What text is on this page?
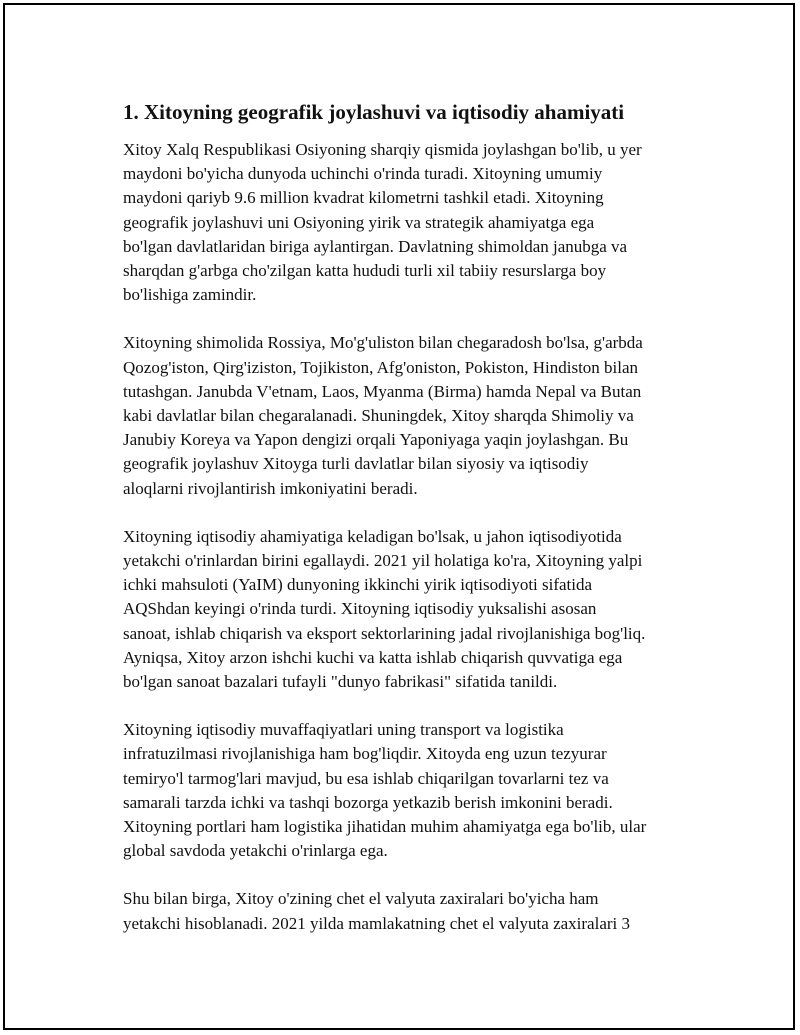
1. Xitoyning geografik joylashuvi va iqtisodiy ahamiyati

Xitoy Xalq Respublikasi Osiyoning sharqiy qismida joylashgan bo'lib, u yer
maydoni bo'yicha dunyoda uchinchi o'rinda turadi. Xitoyning umumiy
maydoni qariyb 9.6 million kvadrat kilometrni tashkil etadi. Xitoyning
geografik joylashuvi uni Osiyoning yirik va strategik ahamiyatga ega
bo'lgan davlatlaridan biriga aylantirgan. Davlatning shimoldan janubga va
sharqdan g'arbga cho'zilgan katta hududi turli xil tabiiy resurslarga boy
bo'lishiga zamindir.

Xitoyning shimolida Rossiya, Mo'g'uliston bilan chegaradosh bo'lsa, g'arbda
Qozog'iston, Qirg'iziston, Tojikiston, Afg'oniston, Pokiston, Hindiston bilan
tutashgan. Janubda V'etnam, Laos, Myanma (Birma) hamda Nepal va Butan
kabi davlatlar bilan chegaralanadi. Shuningdek, Xitoy sharqda Shimoliy va
Janubiy Koreya va Yapon dengizi orqali Yaponiyaga yaqin joylashgan. Bu
geografik joylashuv Xitoyga turli davlatlar bilan siyosiy va iqtisodiy
aloqlarni rivojlantirish imkoniyatini beradi.

Xitoyning iqtisodiy ahamiyatiga keladigan bo'lsak, u jahon iqtisodiyotida
yetakchi o'rinlardan birini egallaydi. 2021 yil holatiga ko'ra, Xitoyning yalpi
ichki mahsuloti (YaIM) dunyoning ikkinchi yirik iqtisodiyoti sifatida
AQShdan keyingi o'rinda turdi. Xitoyning iqtisodiy yuksalishi asosan
sanoat, ishlab chiqarish va eksport sektorlarining jadal rivojlanishiga bog'liq.
Ayniqsa, Xitoy arzon ishchi kuchi va katta ishlab chiqarish quvvatiga ega
bo'lgan sanoat bazalari tufayli "dunyo fabrikasi" sifatida tanildi.

Xitoyning iqtisodiy muvaffaqiyatlari uning transport va logistika
infratuzilmasi rivojlanishiga ham bog'liqdir. Xitoyda eng uzun tezyurar
temiryo'l tarmog'lari mavjud, bu esa ishlab chiqarilgan tovarlarni tez va
samarali tarzda ichki va tashqi bozorga yetkazib berish imkonini beradi.
Xitoyning portlari ham logistika jihatidan muhim ahamiyatga ega bo'lib, ular
global savdoda yetakchi o'rinlarga ega.

Shu bilan birga, Xitoy o'zining chet el valyuta zaxiralari bo'yicha ham
yetakchi hisoblanadi. 2021 yilda mamlakatning chet el valyuta zaxiralari 3
